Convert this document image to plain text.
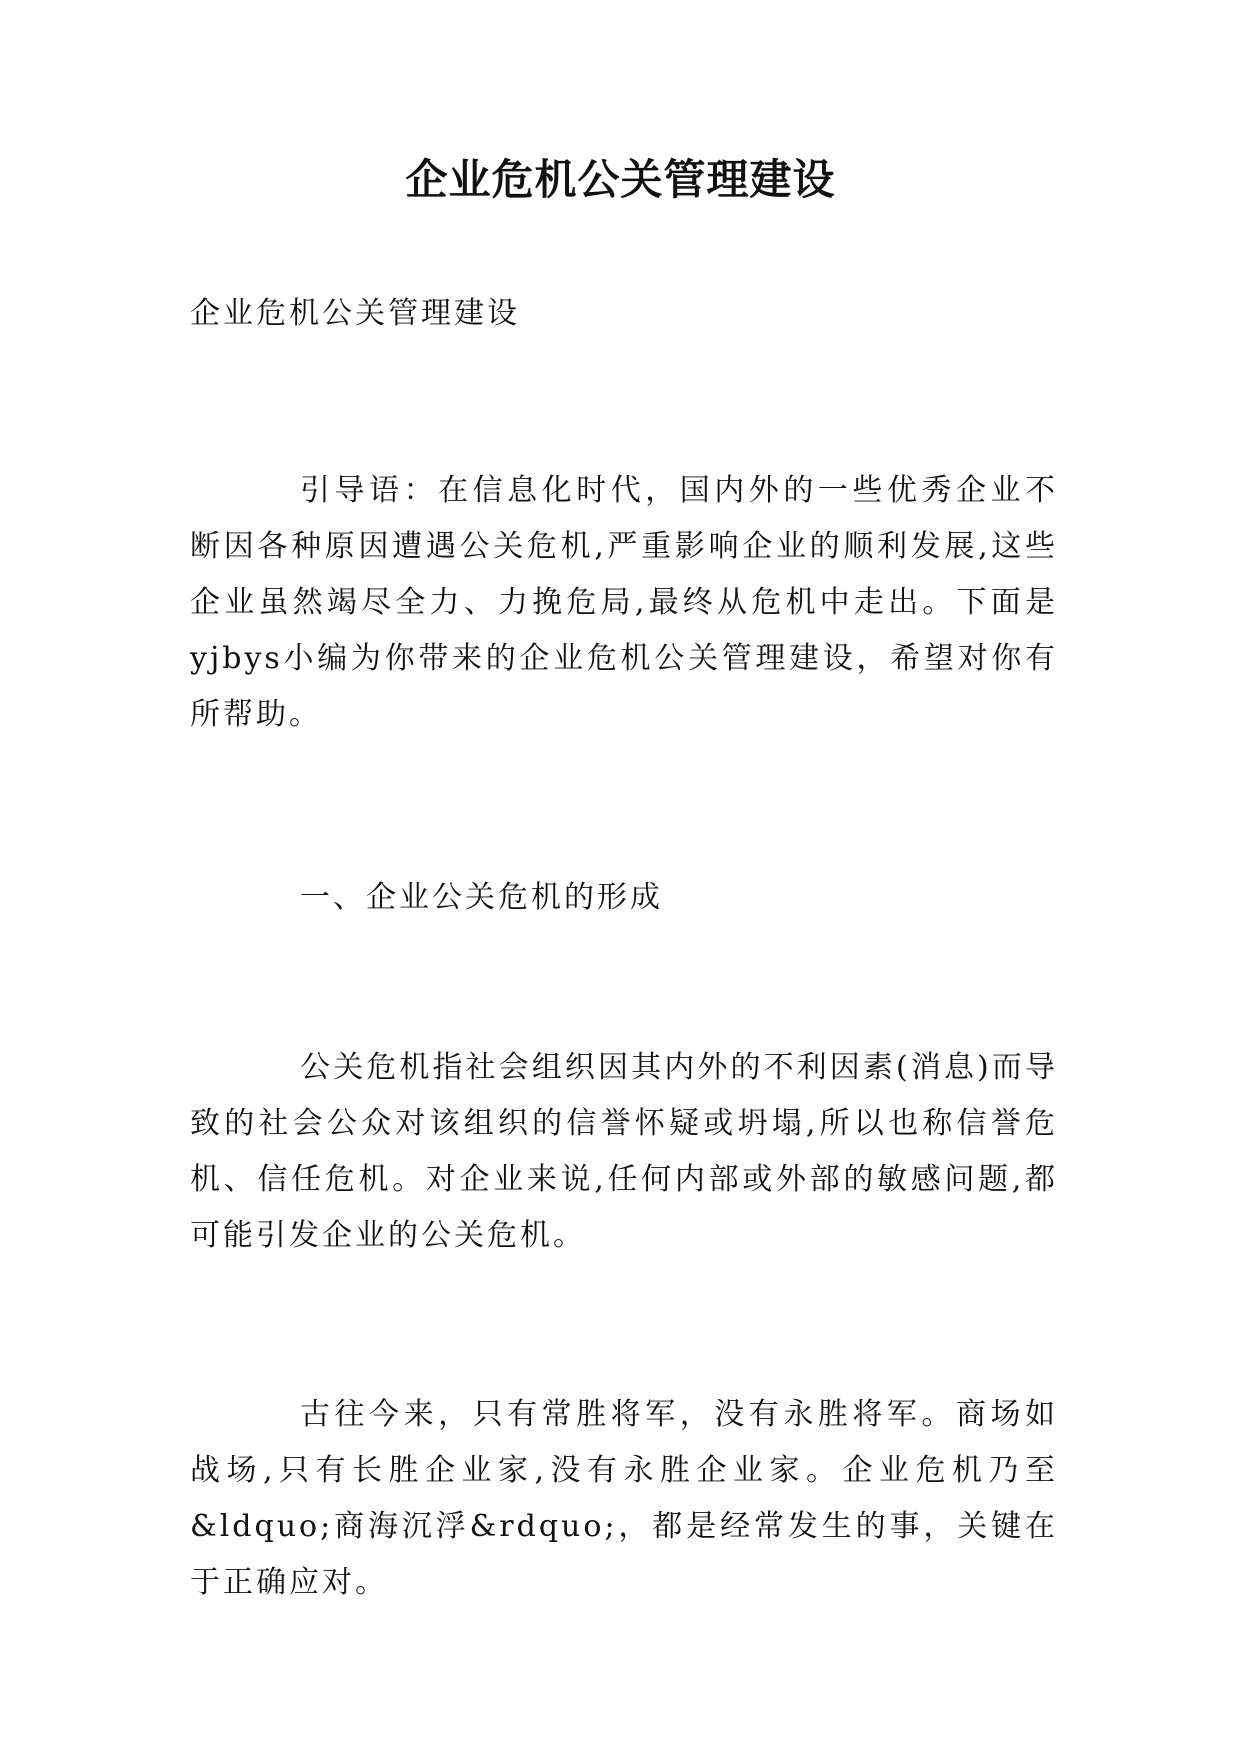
企业危机公关管理建设

企业危机公关管理建设

引导语：在信息化时代，国内外的一些优秀企业不断因各种原因遭遇公关危机,严重影响企业的顺利发展,这些企业虽然竭尽全力、力挽危局,最终从危机中走出。下面是yjbys小编为你带来的企业危机公关管理建设，希望对你有所帮助。

一、企业公关危机的形成

公关危机指社会组织因其内外的不利因素(消息)而导致的社会公众对该组织的信誉怀疑或坍塌,所以也称信誉危机、信任危机。对企业来说,任何内部或外部的敏感问题,都可能引发企业的公关危机。

古往今来，只有常胜将军，没有永胜将军。商场如战场,只有长胜企业家,没有永胜企业家。企业危机乃至&ldquo;商海沉浮&rdquo;，都是经常发生的事，关键在于正确应对。
